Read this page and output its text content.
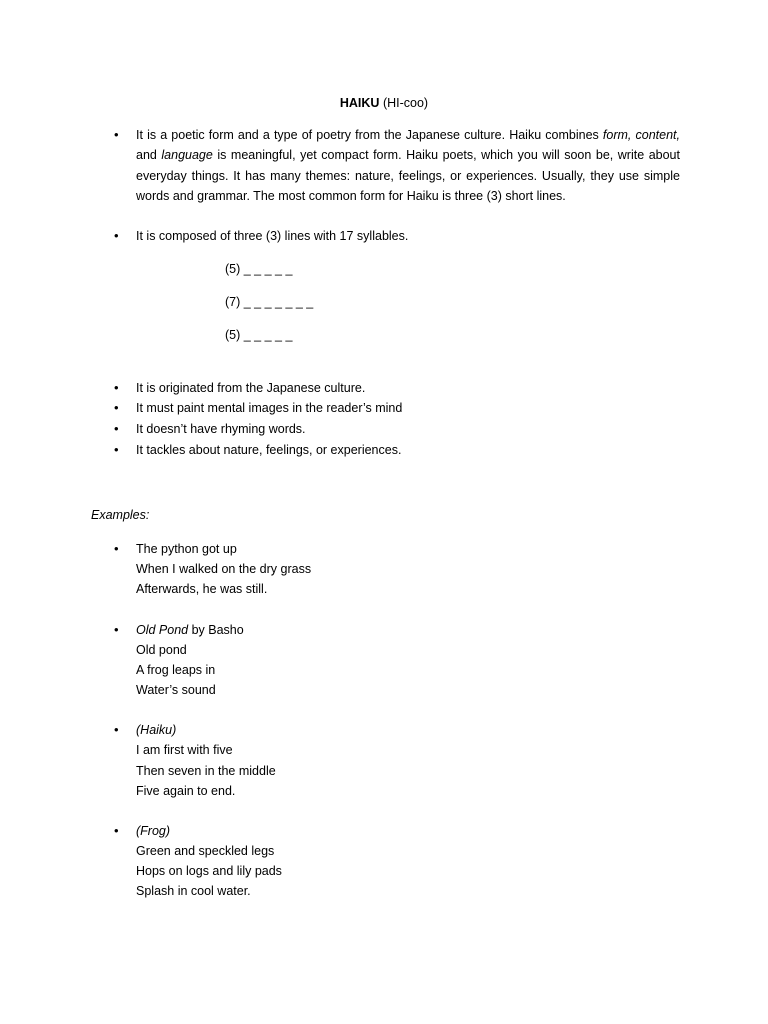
HAIKU (HI-coo)
• It is a poetic form and a type of poetry from the Japanese culture. Haiku combines form, content, and language is meaningful, yet compact form. Haiku poets, which you will soon be, write about everyday things. It has many themes: nature, feelings, or experiences. Usually, they use simple words and grammar. The most common form for Haiku is three (3) short lines.
• It is composed of three (3) lines with 17 syllables.
(5) _ _ _ _ _
(7) _ _ _ _ _ _ _
(5) _ _ _ _ _
• It is originated from the Japanese culture.
• It must paint mental images in the reader’s mind
• It doesn’t have rhyming words.
• It tackles about nature, feelings, or experiences.
Examples:
• The python got up
When I walked on the dry grass
Afterwards, he was still.
• Old Pond by Basho
Old pond
A frog leaps in
Water’s sound
• (Haiku)
I am first with five
Then seven in the middle
Five again to end.
• (Frog)
Green and speckled legs
Hops on logs and lily pads
Splash in cool water.
